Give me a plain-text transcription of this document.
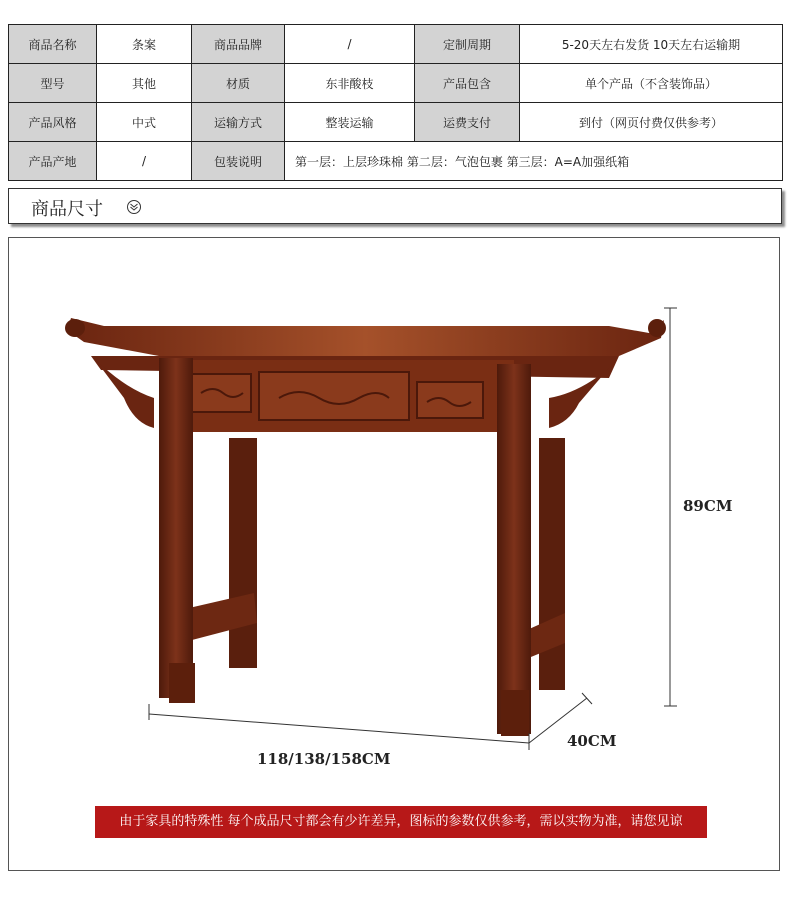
商品名称	条案	商品品牌	/	定制周期	5-20天左右发货 10天左右运输期
型号	其他	材质	东非酸枝	产品包含	单个产品（不含装饰品）
产品风格	中式	运输方式	整装运输	运费支付	到付（网页付费仅供参考）
产品产地	/	包装说明	第一层：上层珍珠棉 第二层：气泡包裹 第三层：A=A加强纸箱		
商品尺寸
89CM
118/138/158CM
40CM
由于家具的特殊性 每个成品尺寸都会有少许差异，图标的参数仅供参考，需以实物为准，请您见谅
